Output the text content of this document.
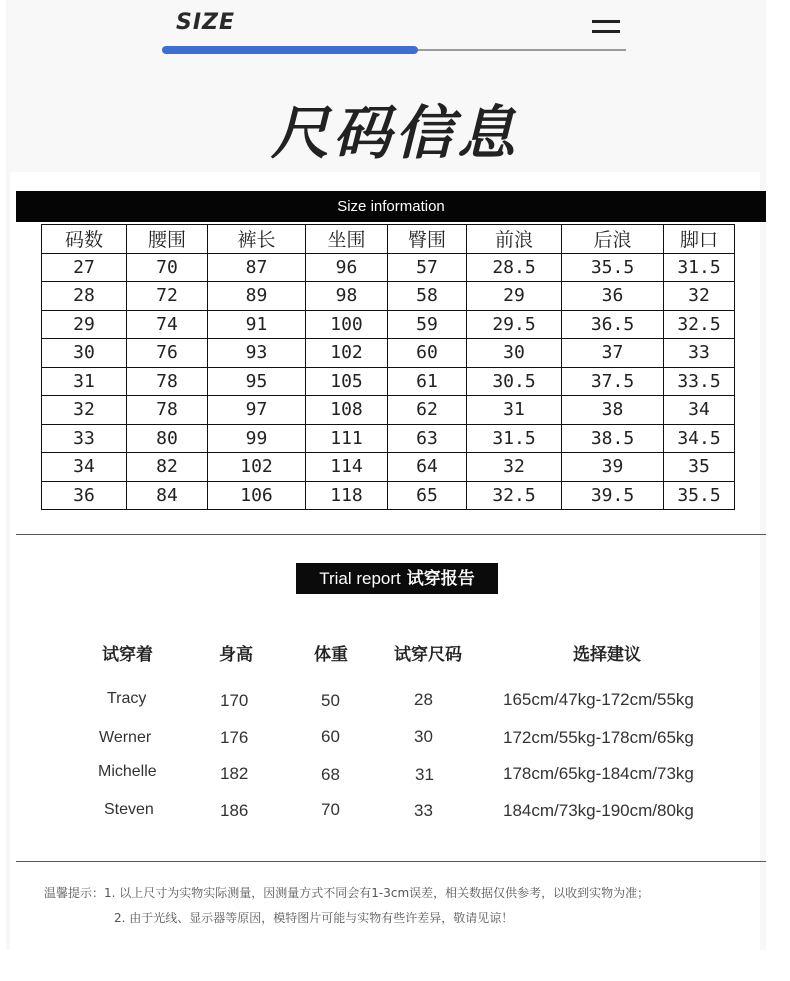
SIZE
尺码信息
Size information
码数	腰围	裤长	坐围	臀围	前浪	后浪	脚口
27	70	87	96	57	28.5	35.5	31.5
28	72	89	98	58	29	36	32
29	74	91	100	59	29.5	36.5	32.5
30	76	93	102	60	30	37	33
31	78	95	105	61	30.5	37.5	33.5
32	78	97	108	62	31	38	34
33	80	99	111	63	31.5	38.5	34.5
34	82	102	114	64	32	39	35
36	84	106	118	65	32.5	39.5	35.5
Trial report 试穿报告
试穿着	身高	体重	试穿尺码	选择建议
Tracy	170	50	28	165cm/47kg-172cm/55kg
Werner	176	60	30	172cm/55kg-178cm/65kg
Michelle	182	68	31	178cm/65kg-184cm/73kg
Steven	186	70	33	184cm/73kg-190cm/80kg
温馨提示：1. 以上尺寸为实物实际测量，因测量方式不同会有1-3cm误差，相关数据仅供参考，以收到实物为准；
2. 由于光线、显示器等原因，模特图片可能与实物有些许差异，敬请见谅！
